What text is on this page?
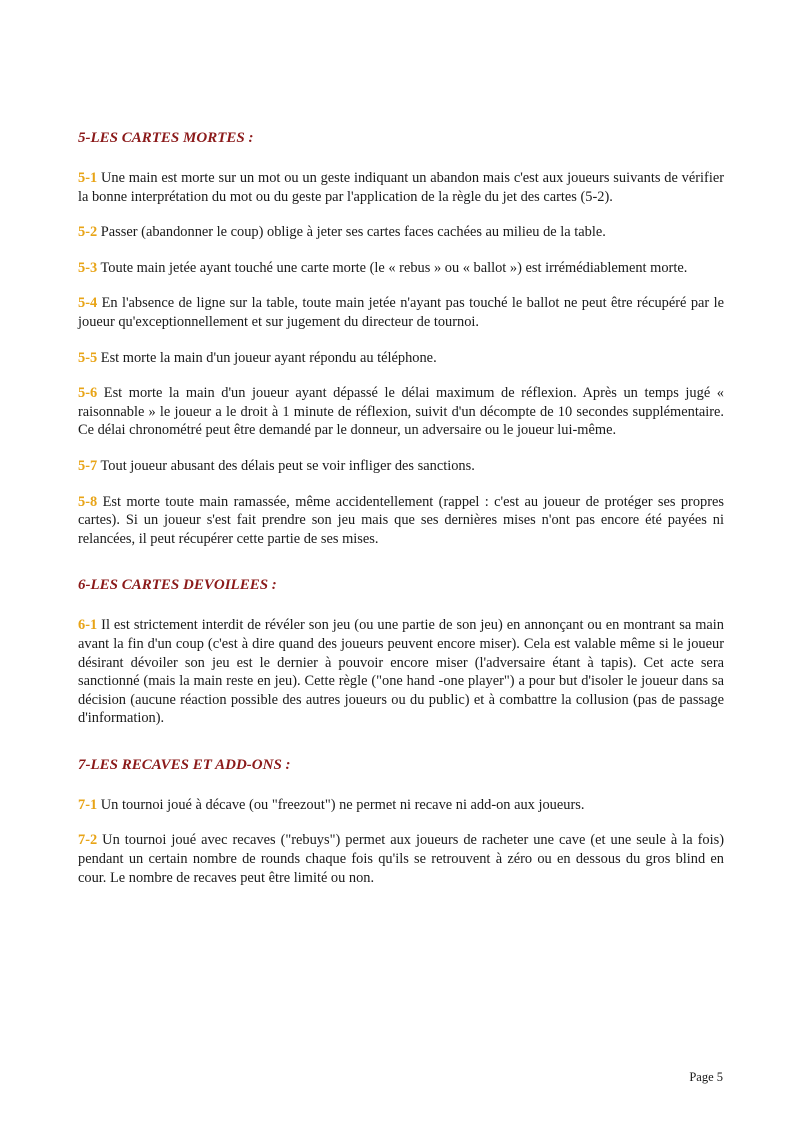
5-LES CARTES MORTES :

5-1 Une main est morte sur un mot ou un geste indiquant un abandon mais c'est aux joueurs suivants de vérifier la bonne interprétation du mot ou du geste par l'application de la règle du jet des cartes (5-2).

5-2 Passer (abandonner le coup) oblige à jeter ses cartes faces cachées au milieu de la table.

5-3 Toute main jetée ayant touché une carte morte (le « rebus » ou « ballot ») est irrémédiablement morte.

5-4 En l'absence de ligne sur la table, toute main jetée n'ayant pas touché le ballot ne peut être récupéré par le joueur qu'exceptionnellement et sur jugement du directeur de tournoi.

5-5 Est morte la main d'un joueur ayant répondu au téléphone.

5-6 Est morte la main d'un joueur ayant dépassé le délai maximum de réflexion. Après un temps jugé « raisonnable » le joueur a le droit à 1 minute de réflexion, suivit d'un décompte de 10 secondes supplémentaire. Ce délai chronométré peut être demandé par le donneur, un adversaire ou le joueur lui-même.

5-7 Tout joueur abusant des délais peut se voir infliger des sanctions.

5-8 Est morte toute main ramassée, même accidentellement (rappel : c'est au joueur de protéger ses propres cartes). Si un joueur s'est fait prendre son jeu mais que ses dernières mises n'ont pas encore été payées ni relancées, il peut récupérer cette partie de ses mises.

6-LES CARTES DEVOILEES :

6-1 Il est strictement interdit de révéler son jeu (ou une partie de son jeu) en annonçant ou en montrant sa main avant la fin d'un coup (c'est à dire quand des joueurs peuvent encore miser). Cela est valable même si le joueur désirant dévoiler son jeu est le dernier à pouvoir encore miser (l'adversaire étant à tapis). Cet acte sera sanctionné (mais la main reste en jeu). Cette règle ("one hand -one player") a pour but d'isoler le joueur dans sa décision (aucune réaction possible des autres joueurs ou du public) et à combattre la collusion (pas de passage d'information).

7-LES RECAVES ET ADD-ONS :

7-1 Un tournoi joué à décave (ou "freezout") ne permet ni recave ni add-on aux joueurs.

7-2 Un tournoi joué avec recaves ("rebuys") permet aux joueurs de racheter une cave (et une seule à la fois) pendant un certain nombre de rounds chaque fois qu'ils se retrouvent à zéro ou en dessous du gros blind en cour. Le nombre de recaves peut être limité ou non.

Page 5
